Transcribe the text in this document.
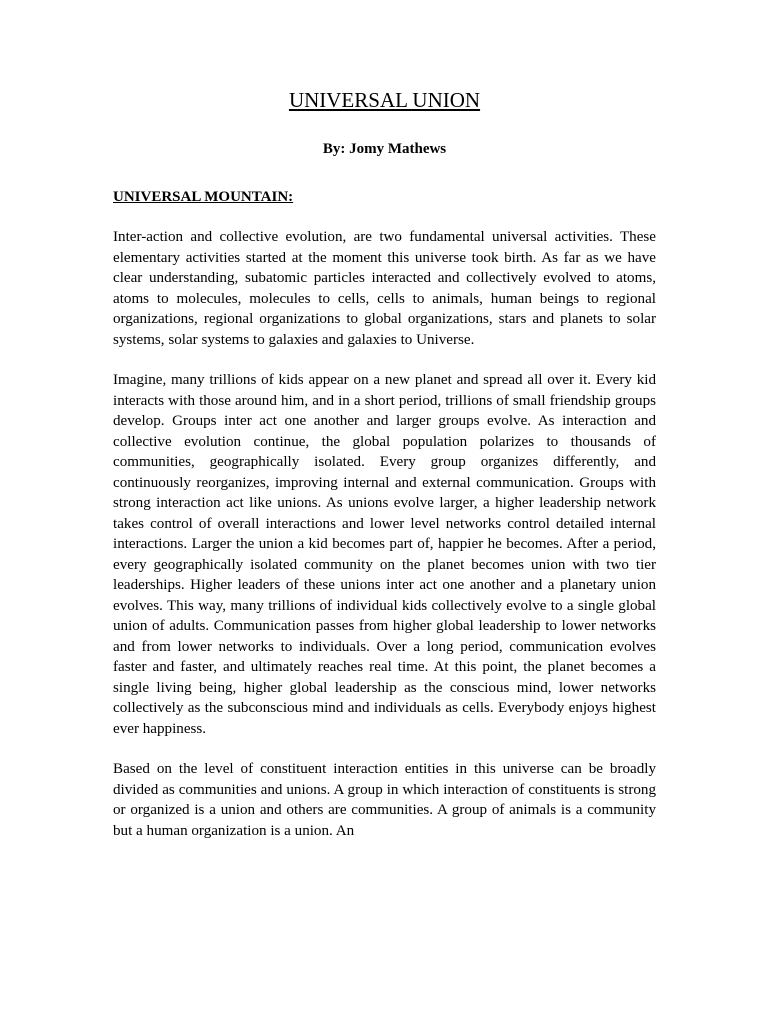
UNIVERSAL UNION
By: Jomy Mathews
UNIVERSAL MOUNTAIN:

Inter-action and collective evolution, are two fundamental universal activities. These elementary activities started at the moment this universe took birth. As far as we have clear understanding, subatomic particles interacted and collectively evolved to atoms, atoms to molecules, molecules to cells, cells to animals, human beings to regional organizations, regional organizations to global organizations, stars and planets to solar systems, solar systems to galaxies and galaxies to Universe.

Imagine, many trillions of kids appear on a new planet and spread all over it. Every kid interacts with those around him, and in a short period, trillions of small friendship groups develop. Groups inter act one another and larger groups evolve. As interaction and collective evolution continue, the global population polarizes to thousands of communities, geographically isolated. Every group organizes differently, and continuously reorganizes, improving internal and external communication. Groups with strong interaction act like unions. As unions evolve larger, a higher leadership network takes control of overall interactions and lower level networks control detailed internal interactions. Larger the union a kid becomes part of, happier he becomes. After a period, every geographically isolated community on the planet becomes union with two tier leaderships. Higher leaders of these unions inter act one another and a planetary union evolves. This way, many trillions of individual kids collectively evolve to a single global union of adults. Communication passes from higher global leadership to lower networks and from lower networks to individuals. Over a long period, communication evolves faster and faster, and ultimately reaches real time. At this point, the planet becomes a single living being, higher global leadership as the conscious mind, lower networks collectively as the subconscious mind and individuals as cells. Everybody enjoys highest ever happiness.

Based on the level of constituent interaction entities in this universe can be broadly divided as communities and unions. A group in which interaction of constituents is strong or organized is a union and others are communities. A group of animals is a community but a human organization is a union. An
